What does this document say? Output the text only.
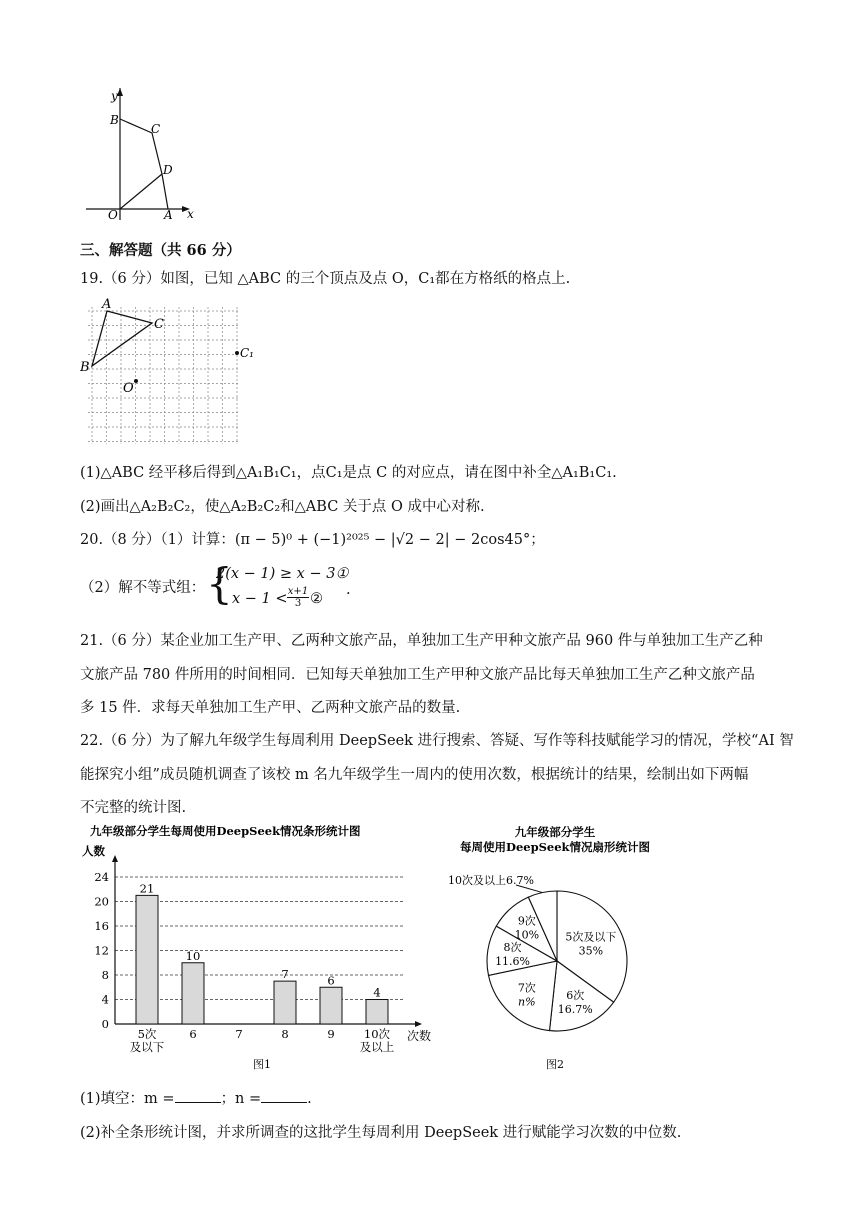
y
x
B
C
D
O	A
三、解答题（共 66 分）
19.（6 分）如图，已知 △ABC 的三个顶点及点 O，C₁都在方格纸的格点上.
A
B
C
O
C₁
(1)△ABC 经平移后得到△A₁B₁C₁，点C₁是点 C 的对应点，请在图中补全△A₁B₁C₁.
(2)画出△A₂B₂C₂，使△A₂B₂C₂和△ABC 关于点 O 成中心对称.
20.（8 分）（1）计算：(π − 5)⁰ + (−1)²⁰²⁵ − |√2 − 2| − 2cos45°；
（2）解不等式组： {
2(x − 1) ≥ x − 3①
$x - 1 < \frac{x+1}{3}$ ②
.
21.（6 分）某企业加工生产甲、乙两种文旅产品，单独加工生产甲种文旅产品 960 件与单独加工生产乙种
文旅产品 780 件所用的时间相同．已知每天单独加工生产甲种文旅产品比每天单独加工生产乙种文旅产品
多 15 件．求每天单独加工生产甲、乙两种文旅产品的数量.
22.（6 分）为了解九年级学生每周利用 DeepSeek 进行搜索、答疑、写作等科技赋能学习的情况，学校“AI 智
能探究小组”成员随机调查了该校 m 名九年级学生一周内的使用次数，根据统计的结果，绘制出如下两幅
不完整的统计图.
九年级部分学生每周使用DeepSeek情况条形统计图
人数
次数
图1
0
4
8
12
16
20
24
21
5次
及以下
10
6	7
7
8
6
9
4
10次
及以上
九年级部分学生
每周使用DeepSeek情况扇形统计图
10次及以上6.7%
图2
5次及以下
35%
6次
16.7%
7次
n%
8次
11.6%
9次
10%
(1)填空：m =	；n =	.
(2)补全条形统计图，并求所调查的这批学生每周利用 DeepSeek 进行赋能学习次数的中位数.
